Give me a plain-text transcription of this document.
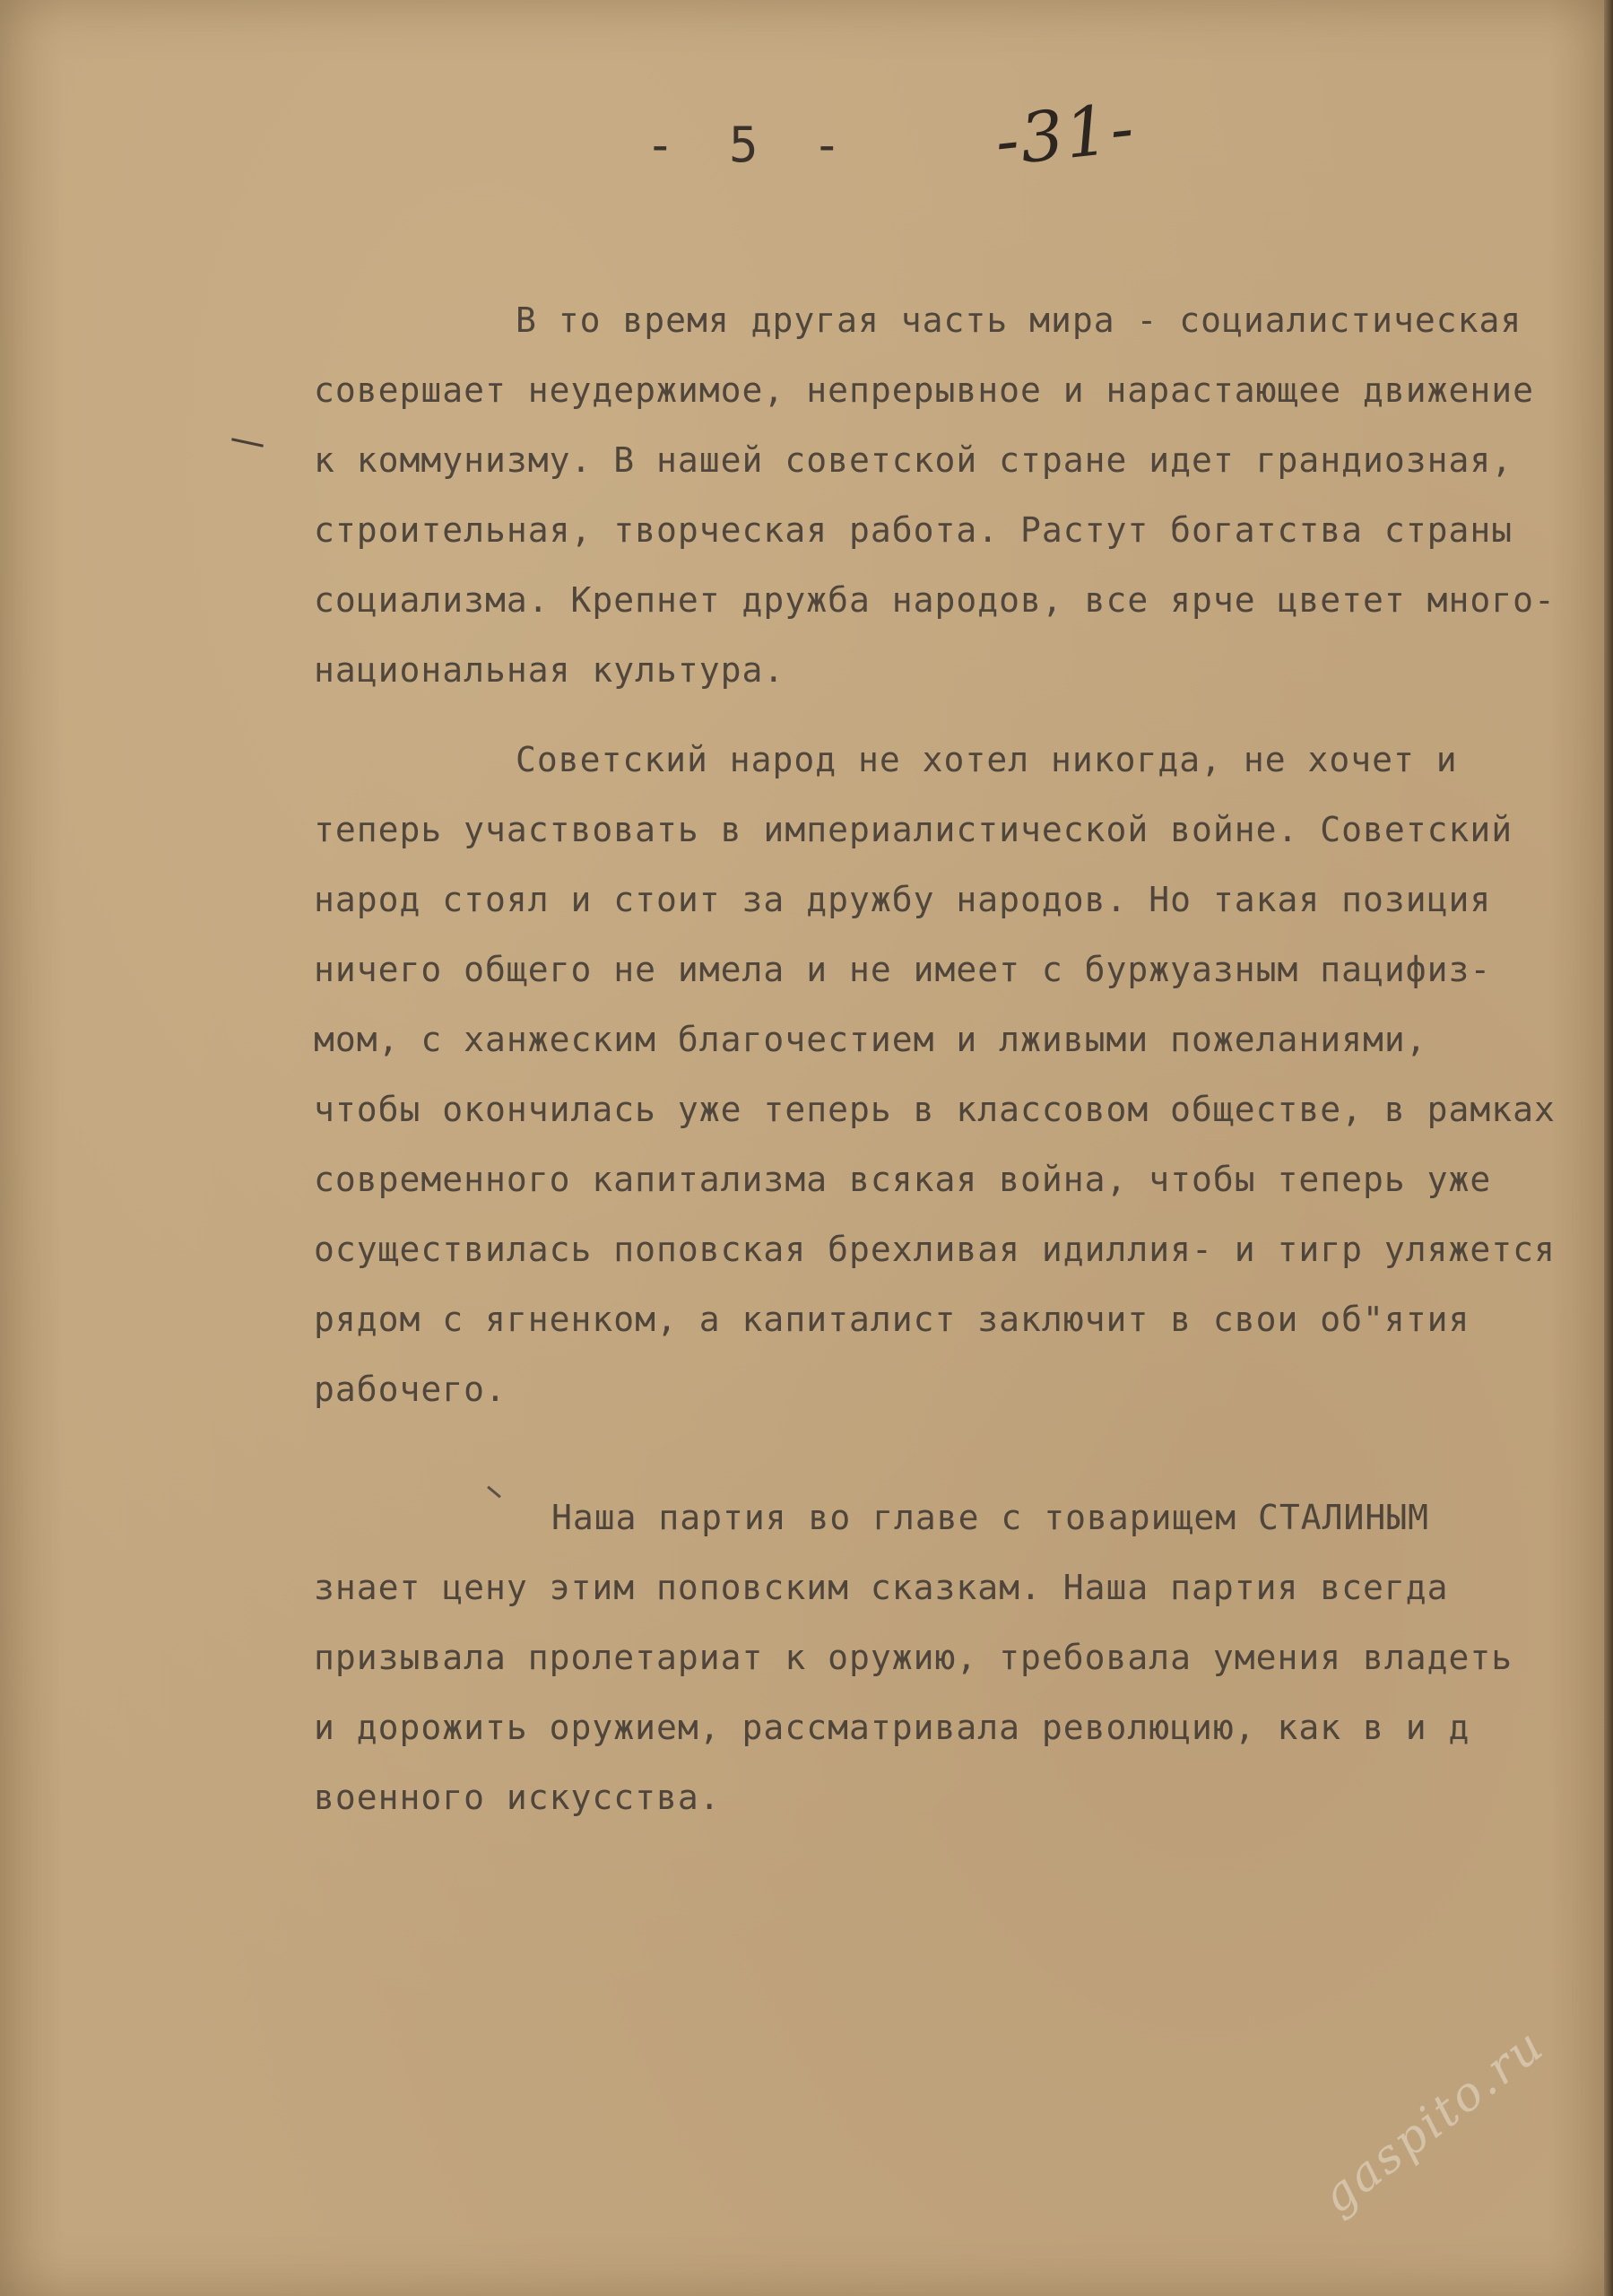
- 5 - -31-
В то время другая часть мира - социалистическая
совершает неудержимое, непрерывное и нарастающее движение
к коммунизму. В нашей советской стране идет грандиозная,
строительная, творческая работа. Растут богатства страны
социализма. Крепнет дружба народов, все ярче цветет много-
национальная культура.
Советский народ не хотел никогда, не хочет и
теперь участвовать в империалистической войне. Советский
народ стоял и стоит за дружбу народов. Но такая позиция
ничего общего не имела и не имеет с буржуазным пацифиз-
мом, с ханжеским благочестием и лживыми пожеланиями,
чтобы окончилась уже теперь в классовом обществе, в рамках
современного капитализма всякая война, чтобы теперь уже
осуществилась поповская брехливая идиллия- и тигр уляжется
рядом с ягненком, а капиталист заключит в свои об"ятия
рабочего.
Наша партия во главе с товарищем СТАЛИНЫМ
знает цену этим поповским сказкам. Наша партия всегда
призывала пролетариат к оружию, требовала умения владеть
и дорожить оружием, рассматривала революцию, как в и д
военного искусства.
gaspito.ru
